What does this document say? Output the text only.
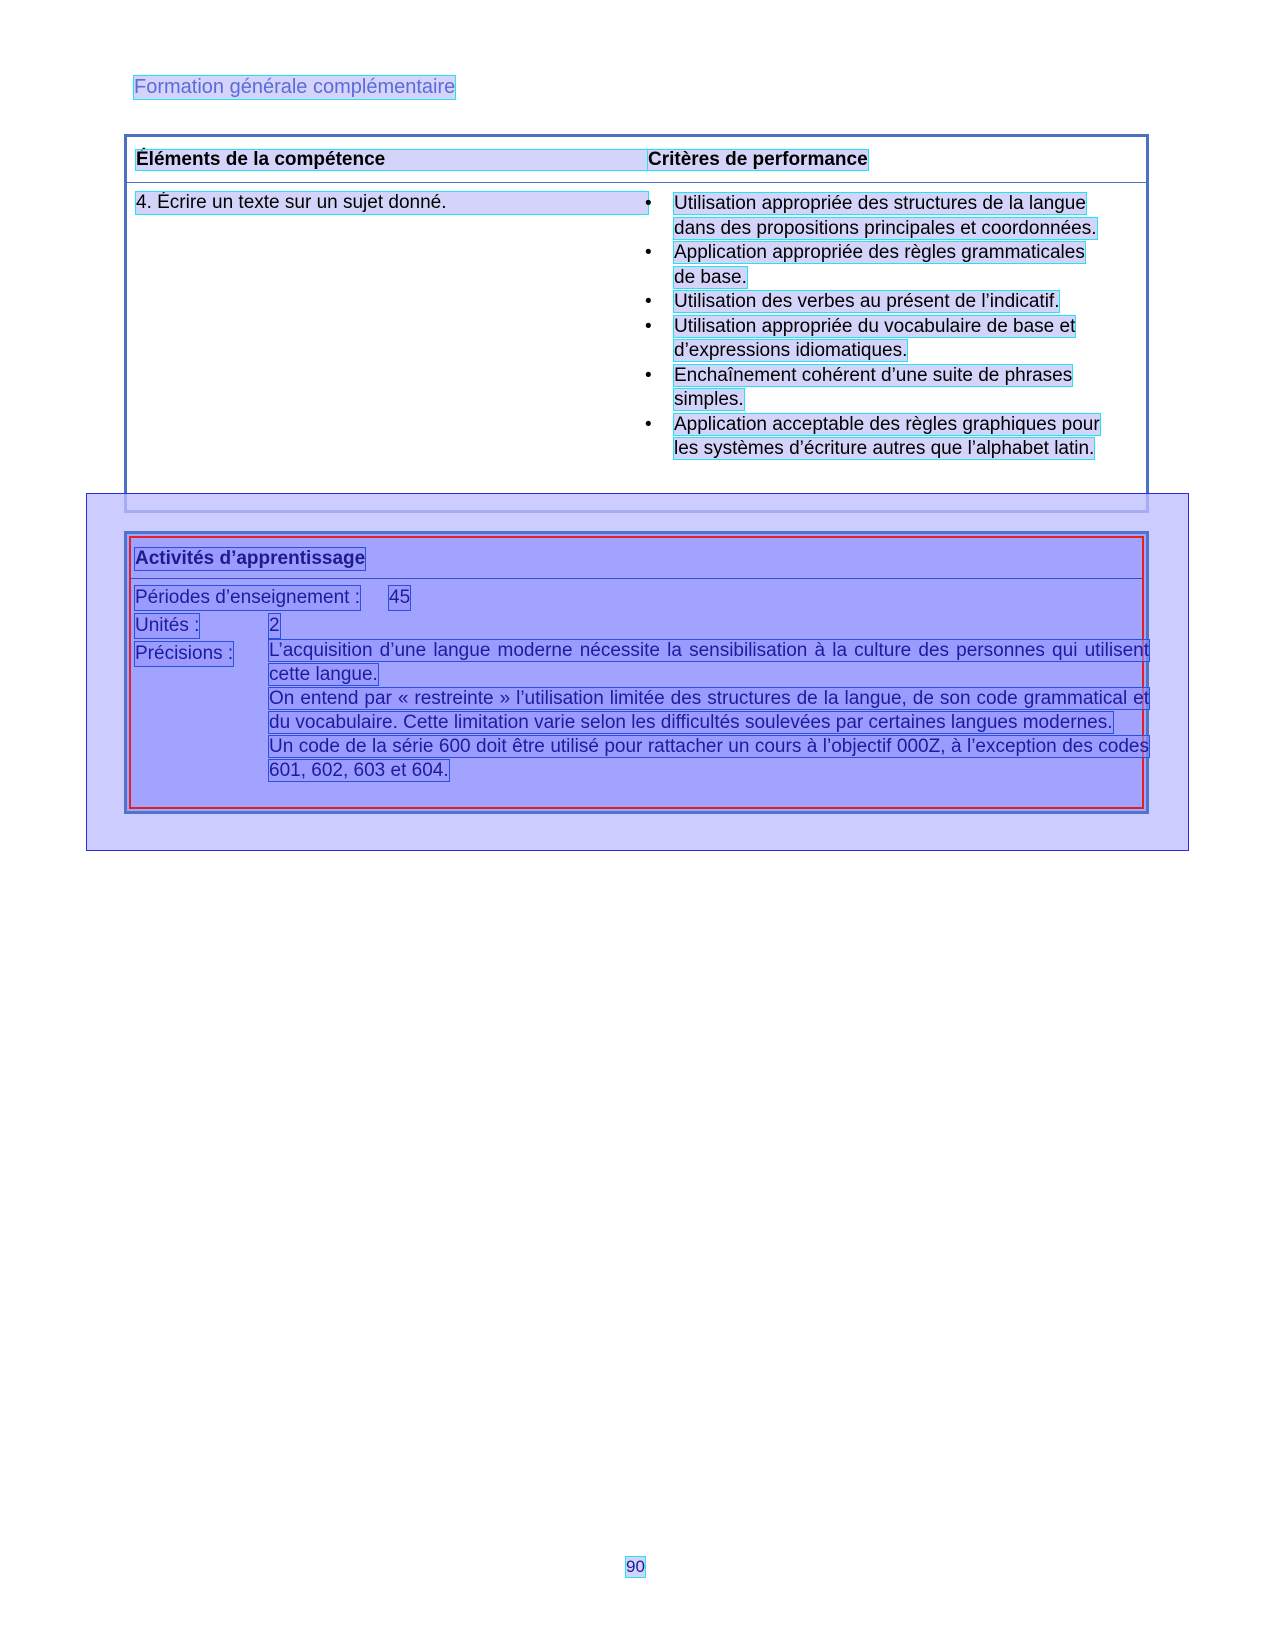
Formation générale complémentaire
Éléments de la compétence	Critères de performance
4. Écrire un texte sur un sujet donné.	• Utilisation appropriée des structures de la langue dans des propositions principales et coordonnées.
• Application appropriée des règles grammaticales de base.
• Utilisation des verbes au présent de l’indicatif.
• Utilisation appropriée du vocabulaire de base et d’expressions idiomatiques.
• Enchaînement cohérent d’une suite de phrases simples.
• Application acceptable des règles graphiques pour les systèmes d’écriture autres que l’alphabet latin.
Activités d’apprentissage
Périodes d’enseignement : 45
Unités :	2
Précisions : L’acquisition d’une langue moderne nécessite la sensibilisation à la culture des personnes qui utilisent cette langue.

On entend par « restreinte » l’utilisation limitée des structures de la langue, de son code grammatical et du vocabulaire. Cette limitation varie selon les difficultés soulevées par certaines langues modernes.

Un code de la série 600 doit être utilisé pour rattacher un cours à l’objectif 000Z, à l’exception des codes 601, 602, 603 et 604.

90
